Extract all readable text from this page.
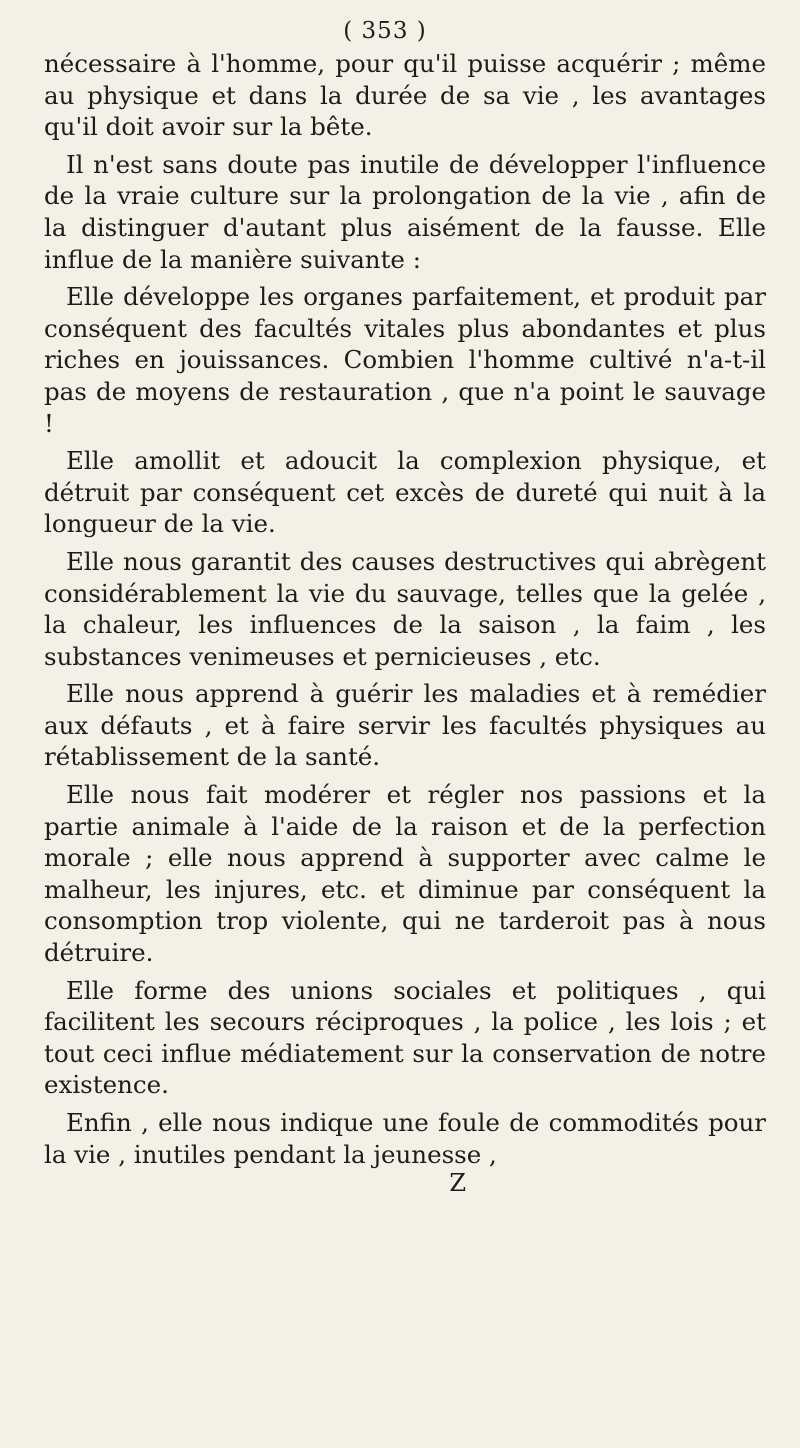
( 353 )

nécessaire à l'homme, pour qu'il puisse acquérir ; même au physique et dans la durée de sa vie , les avantages qu'il doit avoir sur la bête.

Il n'est sans doute pas inutile de développer l'influence de la vraie culture sur la prolongation de la vie , afin de la distinguer d'autant plus aisément de la fausse. Elle influe de la manière suivante :

Elle développe les organes parfaitement, et produit par conséquent des facultés vitales plus abondantes et plus riches en jouissances. Combien l'homme cultivé n'a-t-il pas de moyens de restauration , que n'a point le sauvage !

Elle amollit et adoucit la complexion physique, et détruit par conséquent cet excès de dureté qui nuit à la longueur de la vie.

Elle nous garantit des causes destructives qui abrègent considérablement la vie du sauvage, telles que la gelée , la chaleur, les influences de la saison , la faim , les substances venimeuses et pernicieuses , etc.

Elle nous apprend à guérir les maladies et à remédier aux défauts , et à faire servir les facultés physiques au rétablissement de la santé.

Elle nous fait modérer et régler nos passions et la partie animale à l'aide de la raison et de la perfection morale ; elle nous apprend à supporter avec calme le malheur, les injures, etc. et diminue par conséquent la consomption trop violente, qui ne tarderoit pas à nous détruire.

Elle forme des unions sociales et politiques , qui facilitent les secours réciproques , la police , les lois ; et tout ceci influe médiatement sur la conservation de notre existence.

Enfin , elle nous indique une foule de commodités pour la vie , inutiles pendant la jeunesse ,

Z
